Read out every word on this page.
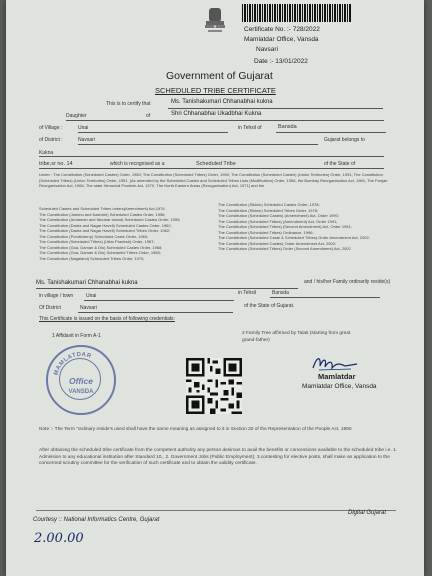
Certificate No. :- 728/2022
Mamlatdar Office, Vansda
Navsari
Date :- 13/01/2022
Government of Gujarat
SCHEDULED TRIBE CERTIFICATE
This is to certify that	Ms. Tanishakumari Chhanabhai kukna
Daughter	of	Shri Chhanabhai Ukadbhai Kukna
of Village :	Unai	in Tehsil of	Bansda
of District :	Navsari	Gujarat belongs to
Kukna
tribe,sr no. 14	which is recognised as a	Scheduled Tribe	of the State of
Under : The Constitution (Scheduled Castes) Order, 1950; The Constitution (Scheduled Tribes) Order, 1950; The Constitution (Scheduled Castes) (Union Territories) Order, 1951; The Constitution (Scheduled Tribes) (Union Territories) Order, 1951. [As amended by the Scheduled Castes and Scheduled Tribes Lists (Modification) Order, 1956, the Bombay Reorganisation Act, 1960, The Punjab Reorganisation Act, 1966, The state Himachal Pradesh Act, 1970, The North Eastern Areas (Reorganisation) Act, 1971] and the
Scheduled Castes and Scheduled Tribes orders(Amendment) Act,1976.
The Constitution (Jammu and Kashmir) Scheduled Castes Order, 1956;
The Constitution (Andaman and Nicobar Island) Scheduled Castes Order, 1959;
The Constitution (Dadra and Nagar Haveli) Scheduled Castes Order, 1962;
The Constitution (Dadra and Nagar Haveli) Scheduled Tribes Order, 1962;
The Constitution (Pondicherry) Scheduled Caste Order, 1964;
The Constitution (Scheduled Tribes) (Uttar Pradesh) Order, 1967;
The Constitution (Goa, Daman & Diu) Scheduled Castes Order, 1968;
The Constitution (Goa, Daman & Diu) Scheduled Tribes Order, 1968;
The Constitution (Nagaland) Scheduled Tribes Order, 1970;
The Constitution (Sikkim) Scheduled Castes Order, 1978;
The Constitution (Sikkim) Scheduled Tribes Order, 1978;
The Constitution (Scheduled Castes) (Amendment) Act, Order 1990;
The Constitution (Scheduled Tribes) (Amendment) Act, Order 1991;
The Constitution (Scheduled Tribes) (Second Amendment) Act, Order 1991;
The Constitution (Scheduled Tribes) Ordinance, 1996;
The Constitution (Scheduled Caste & Scheduled Tribes) Order Amendment Act, 2002;
The Constitution (Scheduled Castes) Order Amendment Act, 2002;
The Constitution (Scheduled Tribes) Order (Second Amendment) Act, 2002
Ms. Tanishakumari Chhanabhai kukna	and / his/her Family ordinarily reside(s)
in village / town	Unai	in Tehsil	Bansda
Of District	Navsari	of the State of Gujarat.
This Certificate is issued on the basis of following credentials:
1 Affidavit in Form A-1	2 Family Tree affirmed by Talati (starting from great grand-father)
MAMLATDAR
Office
VANSDA
Mamlatdar
Mamlatdar Office, Vansda
Note :- The Term "ordinary reside's used shall have the same meaning as assigned to it in Section 20 of the Representation of the People Act, 1950
After obtaining the scheduled tribe certificate from the competent authority any person desirous to avail the benefits or concessions available to the scheduled tribe i.e. 1. Admission to any educational institution after Standard 10,, 2. Government Jobs (Public Employment), 3.contesting for elective posts, shall make an application to the concerned scrutiny committee for the verification of such certificate and to obtain the validity certificate.
Courtesy :: National Informatics Centre, Gujarat
Digital Gujarat
2.00.00
